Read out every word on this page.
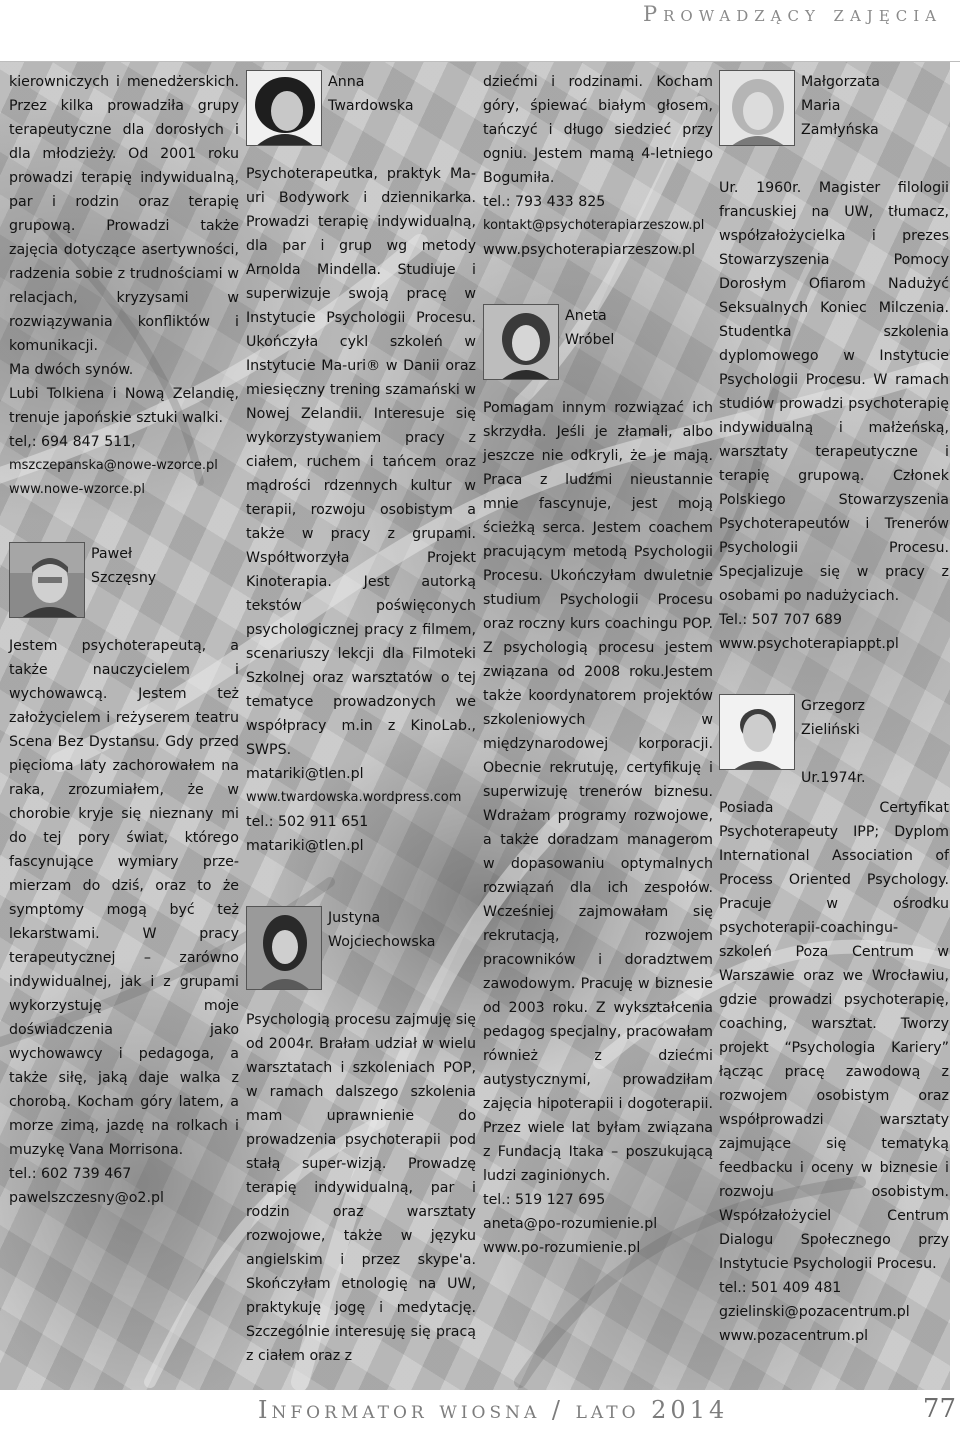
Prowadzący zajęcia
kierowniczych i menedżerskich. Przez kilka prowadziła grupy terapeutyczne dla dorosłych i dla młodzieży. Od 2001 roku prowadzi terapię indywidualną, par i rodzin oraz terapię grupową. Prowadzi także zajęcia dotyczące asertywności, radzenia sobie z trudnościami w relacjach, kryzysami w rozwiązywania konfliktów i komunikacji.
Ma dwóch synów.
Lubi Tolkiena i Nową Zelandię, trenuje japońskie sztuki walki.
tel,: 694 847 511,
mszczepanska@nowe-wzorce.pl
www.nowe-wzorce.pl
Paweł
Szczęsny
Jestem psychoterapeutą, a także nauczycielem i wychowawcą. Jestem też założycielem i reżyserem teatru Scena Bez Dystansu. Gdy przed pięcioma laty zachorowałem na raka, zrozumiałem, że w chorobie kryje się nieznany mi do tej pory świat, którego fascynujące wymiary prze-mierzam do dziś, oraz to że symptomy mogą być też lekarstwami. W pracy terapeutycznej – zarówno indywidualnej, jak i z grupami wykorzystuję moje doświadczenia jako wychowawcy i pedagoga, a także siłę, jaką daje walka z chorobą. Kocham góry latem, a morze zimą, jazdę na rolkach i muzykę Vana Morrisona.
tel.: 602 739 467
pawelszczesny@o2.pl
Anna
Twardowska
Psychoterapeutka, praktyk Ma-uri Bodywork i dziennikarka. Prowadzi terapię indywidualną, dla par i grup wg metody Arnolda Mindella. Studiuje i superwizuje swoją pracę w Instytucie Psychologii Procesu. Ukończyła cykl szkoleń w Instytucie Ma-uri® w Danii oraz miesięczny trening szamański w Nowej Zelandii. Interesuje się wykorzystywaniem pracy z ciałem, ruchem i tańcem oraz mądrości rdzennych kultur w terapii, rozwoju osobistym a także w pracy z grupami. Współtworzyła Projekt Kinoterapia. Jest autorką tekstów poświęconych psychologicznej pracy z filmem, scenariuszy lekcji dla Filmoteki Szkolnej oraz warsztatów o tej tematyce prowadzonych we współpracy m.in z KinoLab., SWPS.
matariki@tlen.pl
www.twardowska.wordpress.com
tel.: 502 911 651
matariki@tlen.pl
Justyna
Wojciechowska
Psychologią procesu zajmuję się od 2004r. Brałam udział w wielu warsztatach i szkoleniach POP, w ramach dalszego szkolenia mam uprawnienie do prowadzenia psychoterapii pod stałą super-wizją. Prowadzę terapię indywidualną, par i rodzin oraz warsztaty rozwojowe, także w języku angielskim i przez skype'a. Skończyłam etnologię na UW, praktykuję jogę i medytację. Szczególnie interesuję się pracą z ciałem oraz z
dziećmi i rodzinami. Kocham góry, śpiewać białym głosem, tańczyć i długo siedzieć przy ogniu. Jestem mamą 4-letniego Bogumiła.
tel.: 793 433 825
kontakt@psychoterapiarzeszow.pl
www.psychoterapiarzeszow.pl
Aneta
Wróbel
Pomagam innym rozwiązać ich skrzydła. Jeśli je złamali, albo jeszcze nie odkryli, że je mają. Praca z ludźmi nieustannie mnie fascynuje, jest moją ścieżką serca. Jestem coachem pracującym metodą Psychologii Procesu. Ukończyłam dwuletnie studium Psychologii Procesu oraz roczny kurs coachingu POP. Z psychologią procesu jestem związana od 2008 roku.Jestem także koordynatorem projektów szkoleniowych w międzynarodowej korporacji. Obecnie rekrutuję, certyfikuję i superwizuję trenerów biznesu. Wdrażam programy rozwojowe, a także doradzam managerom w dopasowaniu optymalnych rozwiązań dla ich zespołów. Wcześniej zajmowałam się rekrutacją, rozwojem pracowników i doradztwem zawodowym. Pracuję w biznesie od 2003 roku. Z wykształcenia pedagog specjalny, pracowałam również z dziećmi autystycznymi, prowadziłam zajęcia hipoterapii i dogoterapii. Przez wiele lat byłam związana z Fundacją Itaka – poszukującą ludzi zaginionych.
tel.: 519 127 695
aneta@po-rozumienie.pl
www.po-rozumienie.pl
Małgorzata
Maria
Zamłyńska
Ur. 1960r. Magister filologii francuskiej na UW, tłumacz, współzałożycielka i prezes Stowarzyszenia Pomocy Dorosłym Ofiarom Nadużyć Seksualnych Koniec Milczenia. Studentka szkolenia dyplomowego w Instytucie Psychologii Procesu. W ramach studiów prowadzi psychoterapię indywidualną i małżeńską, warsztaty terapeutyczne i terapię grupową. Członek Polskiego Stowarzyszenia Psychoterapeutów i Trenerów Psychologii Procesu. Specjalizuje się w pracy z osobami po nadużyciach.
Tel.: 507 707 689
www.psychoterapiappt.pl
Grzegorz
Zieliński
Ur.1974r.
Posiada Certyfikat Psychoterapeuty IPP; Dyplom International Association of Process Oriented Psychology. Pracuje w ośrodku psychoterapii-coachingu-szkoleń Poza Centrum w Warszawie oraz we Wrocławiu, gdzie prowadzi psychoterapię, coaching, warsztat. Tworzy projekt “Psychologia Kariery” łącząc pracę zawodową z rozwojem osobistym oraz współprowadzi warsztaty zajmujące się tematyką feedbacku i oceny w biznesie i rozwoju osobistym. Współzałożyciel Centrum Dialogu Społecznego przy Instytucie Psychologii Procesu.
tel.: 501 409 481
gzielinski@pozacentrum.pl
www.pozacentrum.pl
Informator wiosna / lato 2014	77
